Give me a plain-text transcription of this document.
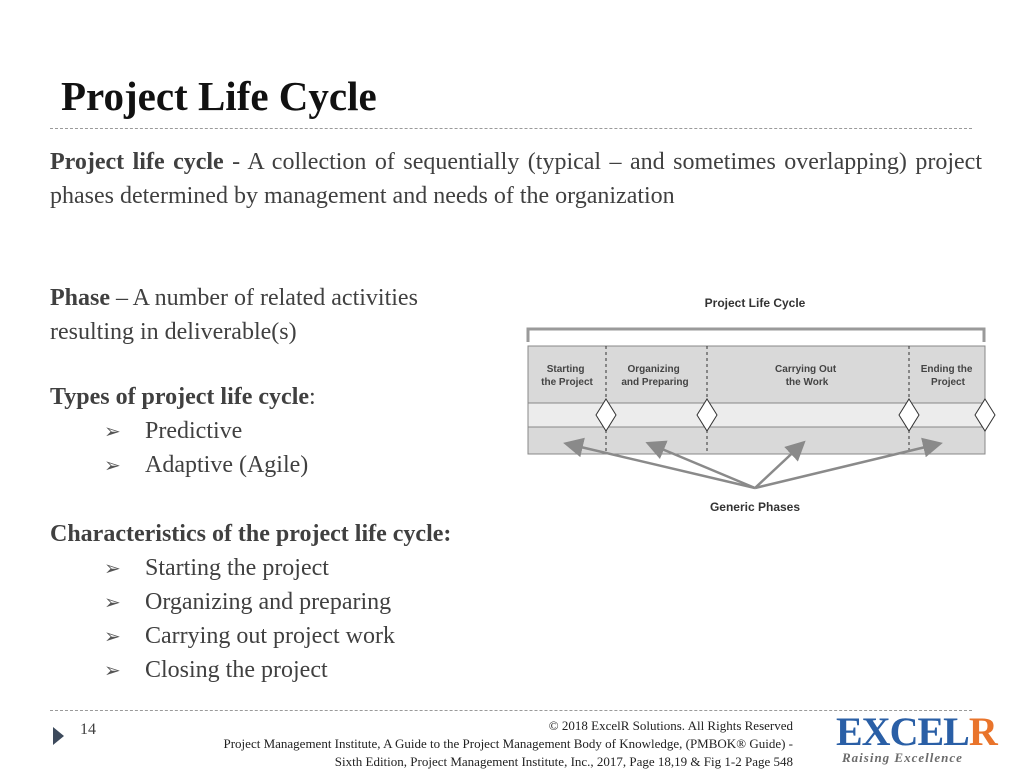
Project Life Cycle
Project life cycle - A collection of sequentially (typical – and sometimes overlapping) project phases determined by management and needs of the organization
Phase – A number of related activities
resulting in deliverable(s)
Types of project life cycle:
➢ Predictive
➢ Adaptive (Agile)
Characteristics of the project life cycle:
➢ Starting the project
➢ Organizing and preparing
➢ Carrying out project work
➢ Closing the project
Project Life Cycle
Starting the Project
Organizing and Preparing
Carrying Out the Work
Ending the Project
Generic Phases
14	© 2018 ExcelR Solutions. All Rights Reserved
Project Management Institute, A Guide to the Project Management Body of Knowledge, (PMBOK® Guide) -
Sixth Edition, Project Management Institute, Inc., 2017, Page 18,19 & Fig 1-2 Page 548
EXCELR
Raising Excellence
